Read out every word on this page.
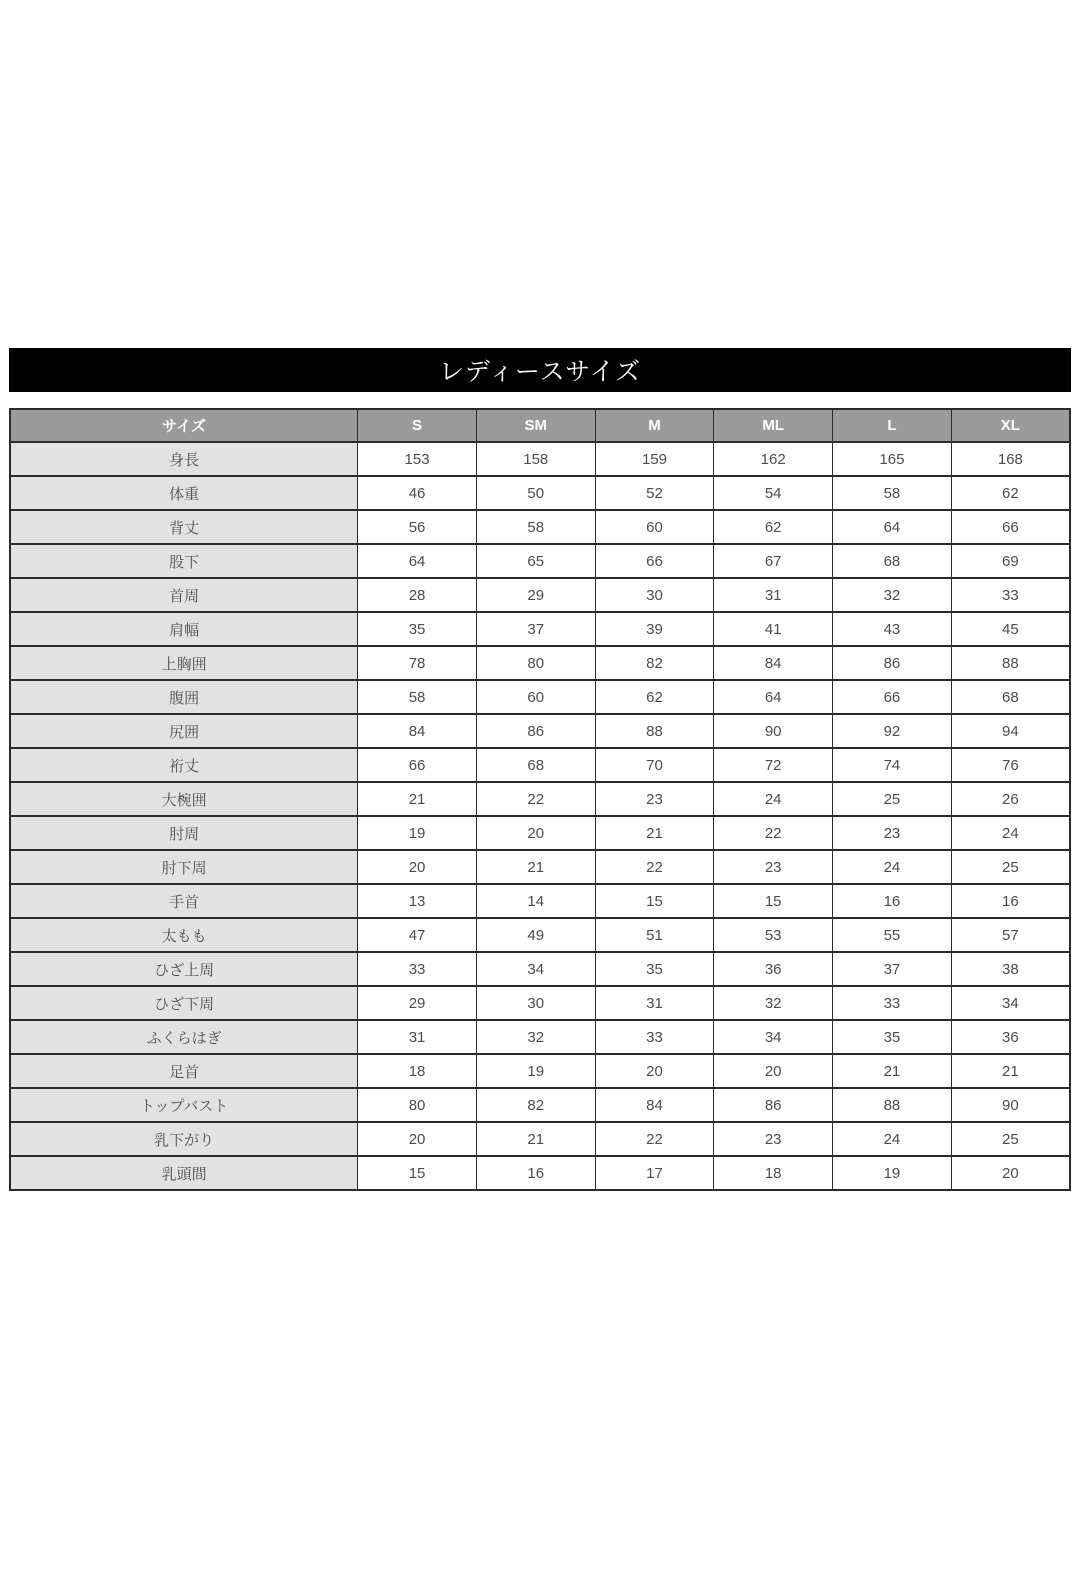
レディースサイズ
サイズ	S	SM	M	ML	L	XL
身長	153	158	159	162	165	168
体重	46	50	52	54	58	62
背丈	56	58	60	62	64	66
股下	64	65	66	67	68	69
首周	28	29	30	31	32	33
肩幅	35	37	39	41	43	45
上胸囲	78	80	82	84	86	88
腹囲	58	60	62	64	66	68
尻囲	84	86	88	90	92	94
裄丈	66	68	70	72	74	76
大椀囲	21	22	23	24	25	26
肘周	19	20	21	22	23	24
肘下周	20	21	22	23	24	25
手首	13	14	15	15	16	16
太もも	47	49	51	53	55	57
ひざ上周	33	34	35	36	37	38
ひざ下周	29	30	31	32	33	34
ふくらはぎ	31	32	33	34	35	36
足首	18	19	20	20	21	21
トップバスト	80	82	84	86	88	90
乳下がり	20	21	22	23	24	25
乳頭間	15	16	17	18	19	20
